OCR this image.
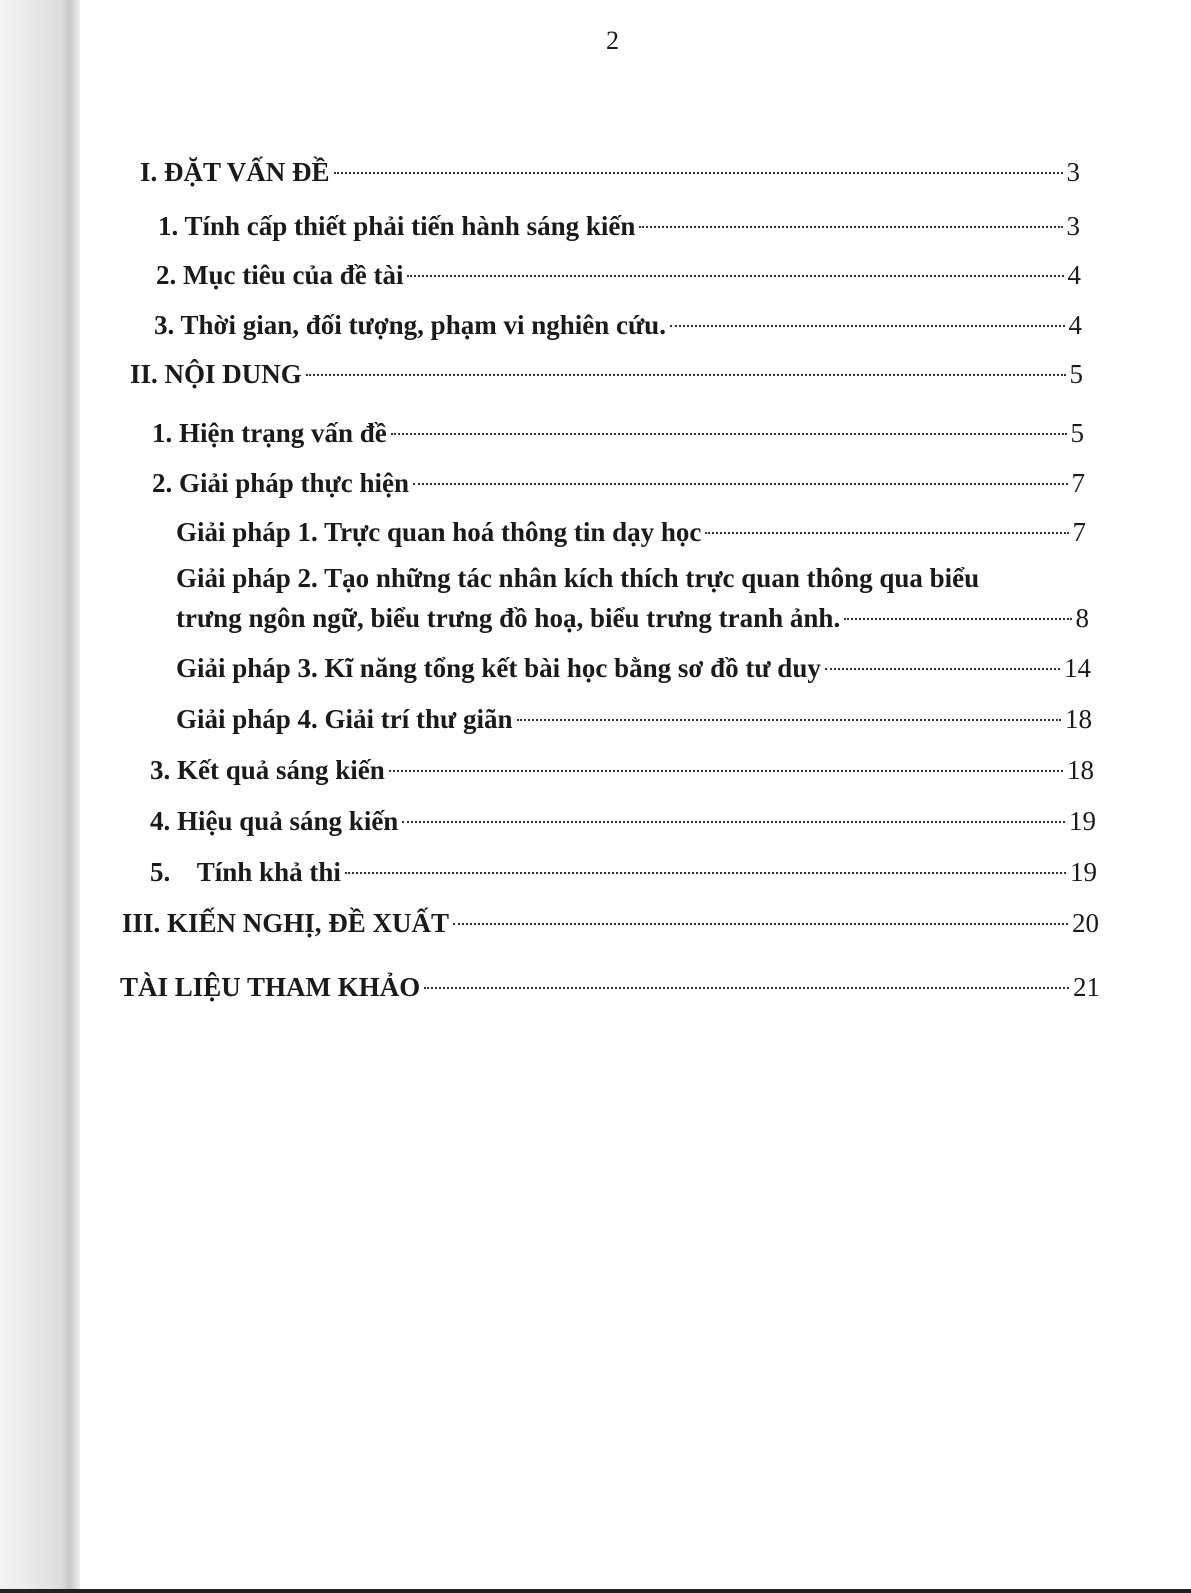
2
I. ĐẶT VẤN ĐỀ	3
1. Tính cấp thiết phải tiến hành sáng kiến	3
2. Mục tiêu của đề tài	4
3. Thời gian, đối tượng, phạm vi nghiên cứu.	4
II. NỘI DUNG	5
1. Hiện trạng vấn đề	5
2. Giải pháp thực hiện	7
Giải pháp 1. Trực quan hoá thông tin dạy học	7
Giải pháp 2. Tạo những tác nhân kích thích trực quan thông qua biểu
trưng ngôn ngữ, biểu trưng đồ hoạ, biểu trưng tranh ảnh.	8
Giải pháp 3. Kĩ năng tổng kết bài học bằng sơ đồ tư duy	14
Giải pháp 4. Giải trí thư giãn	18
3. Kết quả sáng kiến	18
4. Hiệu quả sáng kiến	19
5.    Tính khả thi	19
III. KIẾN NGHỊ, ĐỀ XUẤT	20
TÀI LIỆU THAM KHẢO	21
